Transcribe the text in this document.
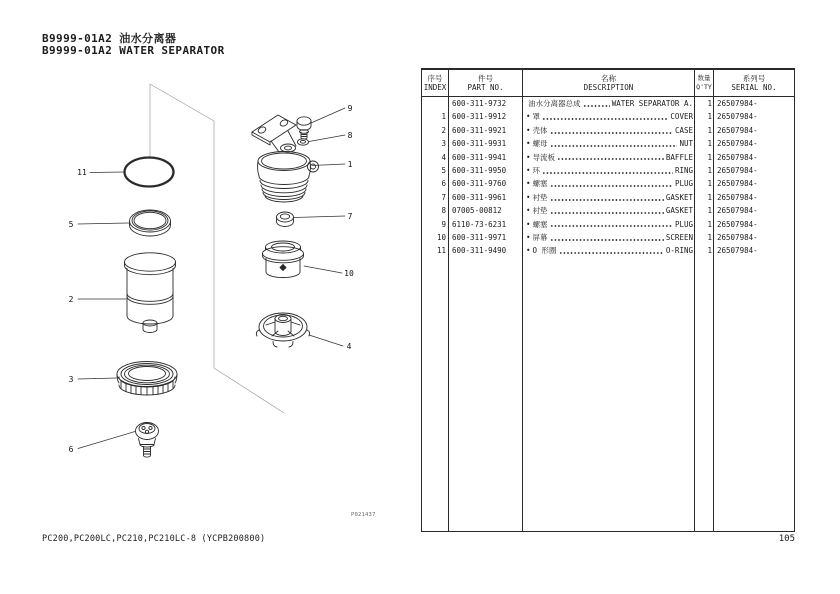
B9999-01A2 油水分离器
B9999-01A2 WATER SEPARATOR
9
8
1
7
10
4
11
5
2
3
6
序号
INDEX
件号
PART NO.
名称
DESCRIPTION
数量
Q'TY
系列号
SERIAL NO.
600-311-9732	油水分离器总成	WATER SEPARATOR A.	1 26507984-
1 600-311-9912	• 罩	COVER	1 26507984-
2 600-311-9921	• 壳体	CASE	1 26507984-
3 600-311-9931	• 螺母	NUT	1 26507984-
4 600-311-9941	• 导流板	BAFFLE	1 26507984-
5 600-311-9950	• 环	RING	1 26507984-
6 600-311-9760	• 螺塞	PLUG	1 26507984-
7 600-311-9961	• 衬垫	GASKET	1 26507984-
8 07005-00812	• 衬垫	GASKET	1 26507984-
9 6110-73-6231	• 螺塞	PLUG	1 26507984-
10 600-311-9971	• 屏幕	SCREEN	1 26507984-
11 600-311-9490	• O 形圈	O-RING	1 26507984-
P021437
PC200,PC200LC,PC210,PC210LC-8 (YCPB200800)	105
